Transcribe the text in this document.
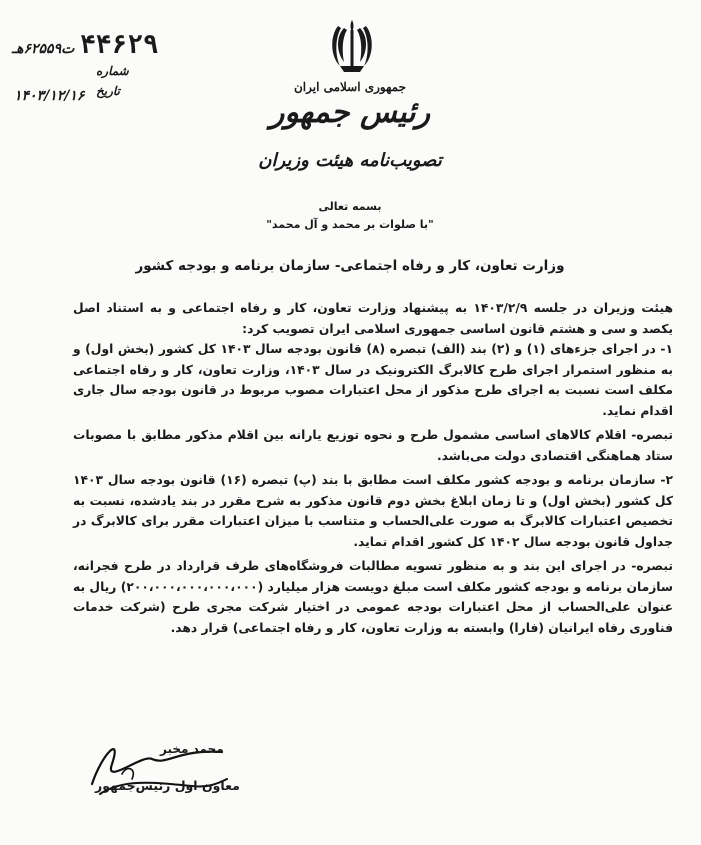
ت۶۲۵۵۹هـ ۴۴۶۲۹
شماره
تاریخ
۱۴۰۳/۱۲/۱۶
جمهوری اسلامی ایران
رئیس جمهور
تصویب‌نامه هیئت وزیران
بسمه تعالی
"با صلوات بر محمد و آل محمد"
وزارت تعاون، کار و رفاه اجتماعی- سازمان برنامه و بودجه کشور

هیئت وزیران در جلسه ۱۴۰۳/۲/۹ به پیشنهاد وزارت تعاون، کار و رفاه اجتماعی و به استناد اصل یکصد و سی و هشتم قانون اساسی جمهوری اسلامی ایران تصویب کرد:

۱- در اجرای جزءهای (۱) و (۲) بند (الف) تبصره (۸) قانون بودجه سال ۱۴۰۳ کل کشور (بخش اول) و به منظور استمرار اجرای طرح کالابرگ الکترونیک در سال ۱۴۰۳، وزارت تعاون، کار و رفاه اجتماعی مکلف است نسبت به اجرای طرح مذکور از محل اعتبارات مصوب مربوط در قانون بودجه سال جاری اقدام نماید.

تبصره- اقلام کالاهای اساسی مشمول طرح و نحوه توزیع یارانه بین اقلام مذکور مطابق با مصوبات ستاد هماهنگی اقتصادی دولت می‌باشد.

۲- سازمان برنامه و بودجه کشور مکلف است مطابق با بند (پ) تبصره (۱۶) قانون بودجه سال ۱۴۰۳ کل کشور (بخش اول) و تا زمان ابلاغ بخش دوم قانون مذکور به شرح مقرر در بند یادشده، نسبت به تخصیص اعتبارات کالابرگ به صورت علی‌الحساب و متناسب با میزان اعتبارات مقرر برای کالابرگ در جداول قانون بودجه سال ۱۴۰۲ کل کشور اقدام نماید.

تبصره- در اجرای این بند و به منظور تسویه مطالبات فروشگاه‌های طرف قرارداد در طرح فجرانه، سازمان برنامه و بودجه کشور مکلف است مبلغ دویست هزار میلیارد (۲۰۰،۰۰۰،۰۰۰،۰۰۰،۰۰۰) ریال به عنوان علی‌الحساب از محل اعتبارات بودجه عمومی در اختیار شرکت مجری طرح (شرکت خدمات فناوری رفاه ایرانیان (فارا) وابسته به وزارت تعاون، کار و رفاه اجتماعی) قرار دهد.

محمد مخبر
معاون اول رئیس‌جمهور
